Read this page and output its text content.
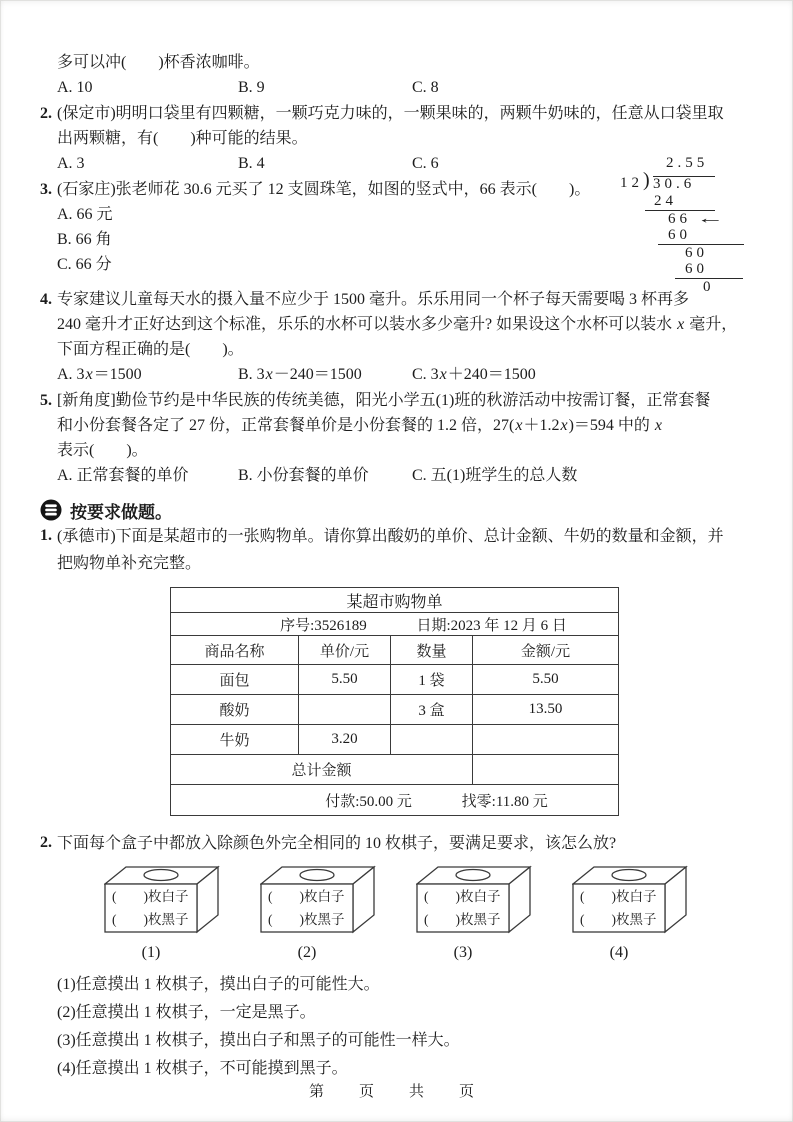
多可以冲(　　)杯香浓咖啡。
A. 10	B. 9	C. 8
2. (保定市)明明口袋里有四颗糖，一颗巧克力味的，一颗果味的，两颗牛奶味的，任意从口袋里取
出两颗糖，有(　　)种可能的结果。
A. 3	B. 4	C. 6
3. (石家庄)张老师花 30.6 元买了 12 支圆珠笔，如图的竖式中，66 表示(　　)。
A. 66 元
B. 66 角
C. 66 分
4. 专家建议儿童每天水的摄入量不应少于 1500 毫升。乐乐用同一个杯子每天需要喝 3 杯再多
240 毫升才正好达到这个标准，乐乐的水杯可以装水多少毫升? 如果设这个水杯可以装水 x 毫升，
下面方程正确的是(　　)。
A. 3x＝1500	B. 3x－240＝1500	C. 3x＋240＝1500
5. [新角度]勤俭节约是中华民族的传统美德，阳光小学五(1)班的秋游活动中按需订餐，正常套餐
和小份套餐各定了 27 份，正常套餐单价是小份套餐的 1.2 倍，27(x＋1.2x)＝594 中的 x
表示(　　)。
A. 正常套餐的单价	B. 小份套餐的单价	C. 五(1)班学生的总人数
按要求做题。
1. (承德市)下面是某超市的一张购物单。请你算出酸奶的单价、总计金额、牛奶的数量和金额，并
把购物单补充完整。
某超市购物单			
序号:3526189 日期:2023 年 12 月 6 日			
商品名称	单价/元	数量	金额/元
面包	5.50	1 袋	5.50
酸奶		3 盒	13.50
牛奶	3.20		
总计金额			
付款:50.00 元 找零:11.80 元			
2. 下面每个盒子中都放入除颜色外完全相同的 10 枚棋子，要满足要求，该怎么放?
(　　)枚白子
(　　)枚黑子
(1)
(　　)枚白子
(　　)枚黑子
(2)
(　　)枚白子
(　　)枚黑子
(3)
(　　)枚白子
(　　)枚黑子
(4)
(1)任意摸出 1 枚棋子，摸出白子的可能性大。
(2)任意摸出 1 枚棋子，一定是黑子。
(3)任意摸出 1 枚棋子，摸出白子和黑子的可能性一样大。
(4)任意摸出 1 枚棋子，不可能摸到黑子。
2.55
12 ) 30.6
24
66 ←
60
60
60
0
第　页　共　页
